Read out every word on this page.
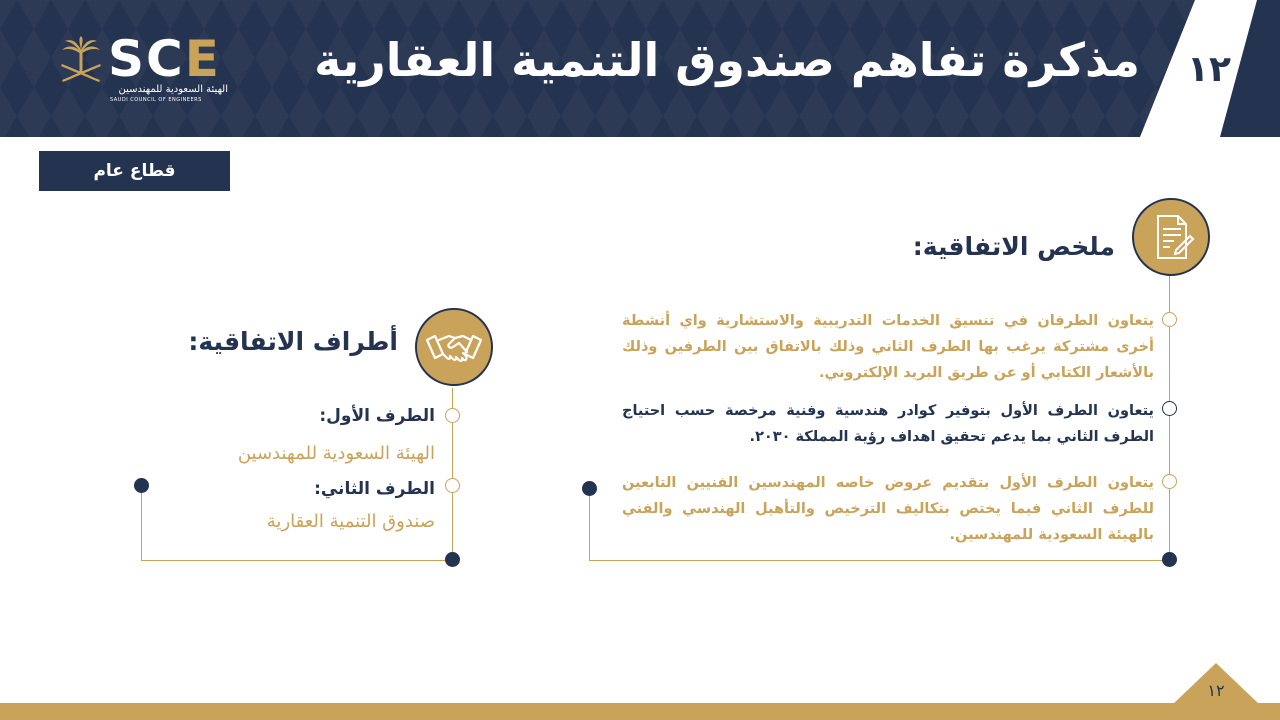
مذكرة تفاهم صندوق التنمية العقارية ١٢
SCE
الهيئة السعودية للمهندسين
SAUDI COUNCIL OF ENGINEERS
قطاع عام
ملخص الاتفاقية:
يتعاون الطرفان في تنسيق الخدمات التدريبية والاستشارية واي أنشطة أخرى مشتركة يرغب بها الطرف الثاني وذلك بالاتفاق بين الطرفين وذلك بالأشعار الكتابي أو عن طريق البريد الإلكتروني.
يتعاون الطرف الأول بتوفير كوادر هندسية وفنية مرخصة حسب احتياج الطرف الثاني بما يدعم تحقيق اهداف رؤية المملكة ٢٠٣٠.
يتعاون الطرف الأول بتقديم عروض خاصه المهندسين الفنيين التابعين للطرف الثاني فيما يختص بتكاليف الترخيص والتأهيل الهندسي والفني بالهيئة السعودية للمهندسين.
أطراف الاتفاقية:
الطرف الأول:
الهيئة السعودية للمهندسين
الطرف الثاني:
صندوق التنمية العقارية
١٢
